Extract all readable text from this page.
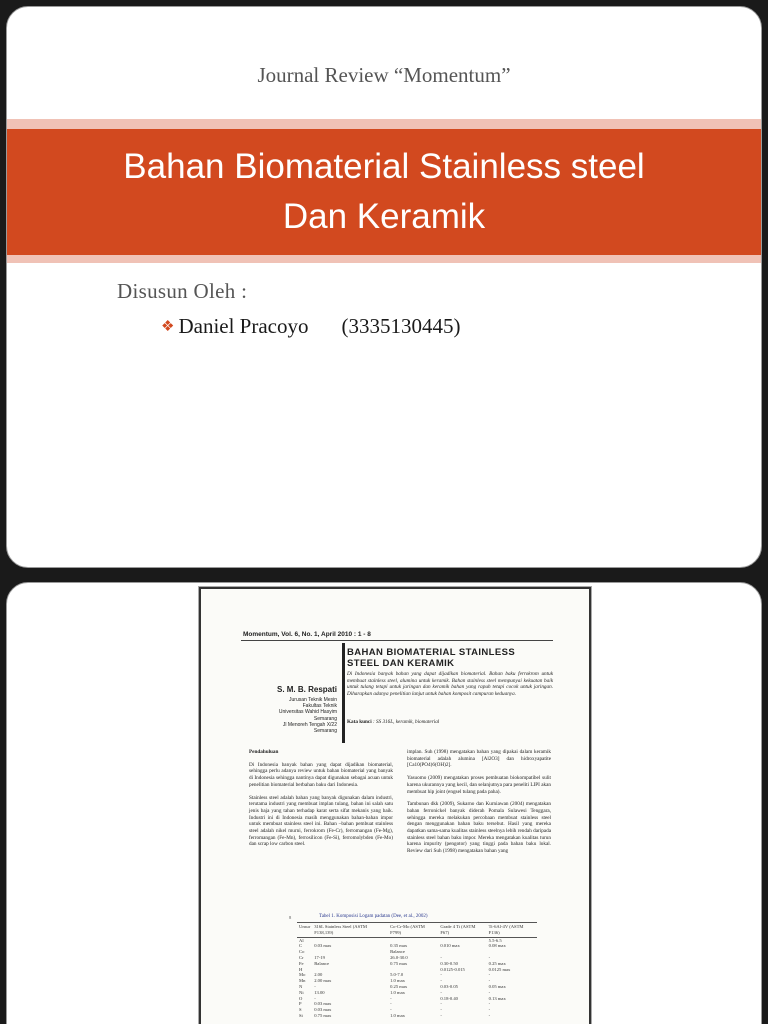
Journal Review “Momentum”
Bahan Biomaterial Stainless steel
Dan Keramik
Disusun Oleh :
❖ Daniel Pracoyo (3335130445)
Momentum, Vol. 6, No. 1, April 2010 : 1 - 8
BAHAN BIOMATERIAL STAINLESS
STEEL DAN KERAMIK
S. M. B. Respati
Jurusan Teknik Mesin
Fakultas Teknik
Universitas Wahid Hasyim
Semarang
Jl Menoreh Tengah X/22
Semarang
Di Indonesia banyak bahan yang dapat dijadikan biomaterial. Bahan baku ferrokrom untuk membuat stainless steel, alumina untuk keramik. Bahan stainless steel mempunyai kekuatan baik untuk tulang tetapi untuk jaringan dan keramik bahan yang rapuh tetapi cocok untuk jaringan. Diharapkan adanya penelitian lanjut untuk bahan komposit campuran keduanya.
Kata kunci : SS 316L, keramik, biomaterial

Pendahuluan

Di Indonesia banyak bahan yang dapat dijadikan biomaterial, sehingga perlu adanya review untuk bahan biomaterial yang banyak di Indonesia sehingga nantinya dapat digunakan sebagai acuan untuk penelitian biomaterial berbahan baku dari Indonesia.

Stainless steel adalah bahan yang banyak digunakan dalam industri, terutama industri yang membuat implan tulang, bahan ini salah satu jenis baja yang tahan terhadap karat serta sifat mekanis yang baik. Industri ini di Indonesia masih menggunakan bahan-bahan impor untuk membuat stainless steel ini. Bahan –bahan pembuat stainless steel adalah nikel murni, ferrokrom (Fe-Cr), ferromangan (Fe-Mg), ferromangan (Fe-Mn), ferrosilicon (Fe-Si), ferromolybden (Fe-Mo) dan scrap low carbon steel.

implan. Suh (1998) mengatakan bahan yang dipakai dalam keramik biomaterial adalah alumina [Al2O3] dan hidroxyapatite [Ca10(PO4)6(OH)2].

Yasuomo (2009) mengatakan proses pembuatan biokompatibel sulit karena ukurannya yang kecil, dan selanjutnya para peneliti LIPI akan membuat hip joint (engsel tulang pada paha).

Tambunan dkk (2009), Sukarno dan Kurniawan (2004) mengatakan bahan ferronickel banyak diderah Pomala Sulawesi Tenggara, sehingga mereka melakukan percobaan membuat stainless steel dengan menggunakan bahan baku tersebut. Hasil yang mereka dapatkan sama-sama kualitas stainless steelnya lebih rendah daripada stainless steel bahan baku impor. Mereka mengatakan kualitas turun karena impurity (pengotor) yang tinggi pada bahan baku lokal. Review dari Suh (1998) mengatakan bahan yang

8	Tabel 1. Komposisi Logam padatan (Dee, et al., 2002)
Unsur	316L Stainless Steel (ASTM F138,139)	Co-Cr-Mo (ASTM F799)	Grade 4 Ti (ASTM F67)	Ti-6Al-4V (ASTM F136)
Al				5.5-6.5
C	0.03 max	0.35 max	0.010 max	0.08 max
Co		Balance		
Cr	17-19	26.0-30.0	-	-
Fe	Balance	0.75 max	0.30-0.50	0.25 max
H			0.0125-0.015	0.0125 max
Mo	2.00	5.0-7.0	-	-
Mn	2.00 max	1.0 max	-	-
N	-	0.25 max	0.03-0.05	0.05 max
Ni	13.00	1.0 max	-	-
O	-	-	0.18-0.40	0.13 max
P	0.03 max	-	-	-
S	0.03 max	-	-	-
Si	0.75 max	1.0 max	-	-
